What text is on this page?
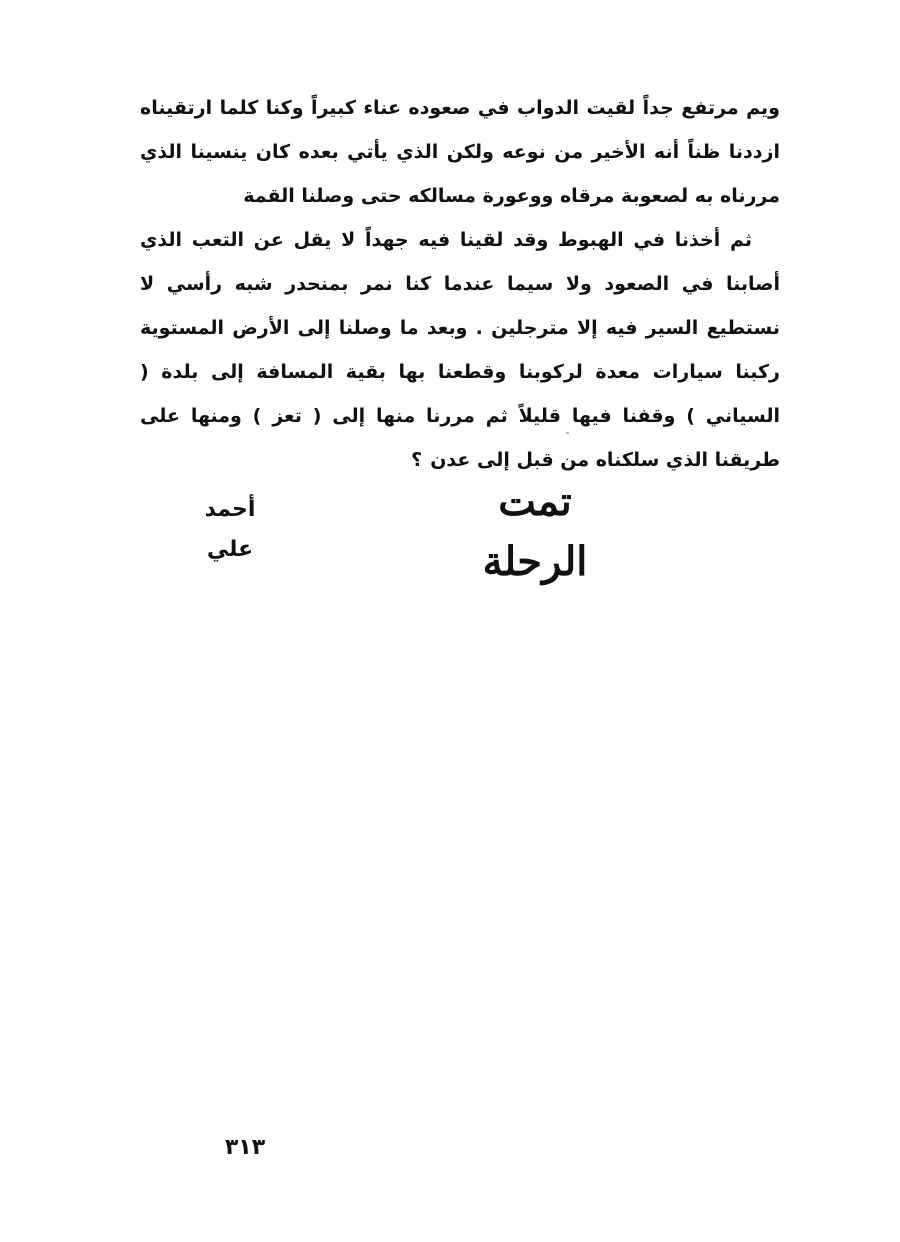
ويم مرتفع جداً لقيت الدواب في صعوده عناء كبيراً وكنا كلما ارتقيناه ازددنا ظناً أنه الأخير من نوعه ولكن الذي يأتي بعده كان ينسينا الذي مررناه به لصعوبة مرقاه ووعورة مسالكه حتى وصلنا القمة

ثم أخذنا في الهبوط وقد لقينا فيه جهداً لا يقل عن التعب الذي أصابنا في الصعود ولا سيما عندما كنا نمر بمنحدر شبه رأسي لا نستطيع السير فيه إلا مترجلين . وبعد ما وصلنا إلى الأرض المستوية ركبنا سيارات معدة لركوبنا وقطعنا بها بقية المسافة إلى بلدة ( السياني ) وقفنا فيها قليلاً ثم مررنا منها إلى ( تعز ) ومنها على طريقنا الذي سلكناه من قبل إلى عدن؟

تمت الرحلة
أحمد علي
٣١٣
